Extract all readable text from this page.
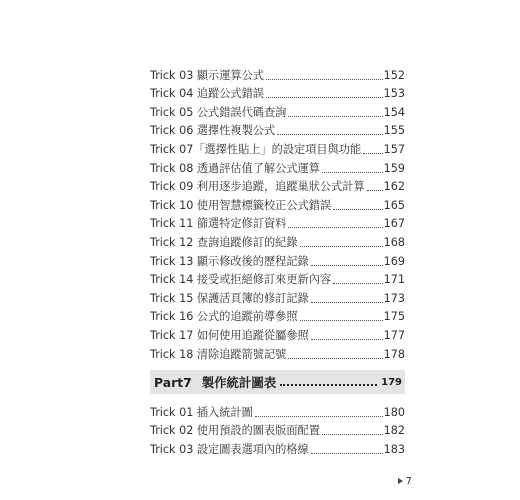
Trick 03 顯示運算公式	152
Trick 04 追蹤公式錯誤	153
Trick 05 公式錯誤代碼查詢	154
Trick 06 選擇性複製公式	155
Trick 07「選擇性貼上」的設定項目與功能 157
Trick 08 透過評估值了解公式運算	159
Trick 09 利用逐步追蹤，追蹤巢狀公式計算 162
Trick 10 使用智慧標籤校正公式錯誤	165
Trick 11 篩選特定修訂資料	167
Trick 12 查詢追蹤修訂的紀錄	168
Trick 13 顯示修改後的歷程記錄	169
Trick 14 接受或拒絕修訂來更新內容	171
Trick 15 保護活頁簿的修訂記錄	173
Trick 16 公式的追蹤前導參照	175
Trick 17 如何使用追蹤從屬參照	177
Trick 18 清除追蹤箭號記號	178
Part7 製作統計圖表	179
Trick 01 插入統計圖	180
Trick 02 使用預設的圖表版面配置	182
Trick 03 設定圖表選項內的格線	183
7
